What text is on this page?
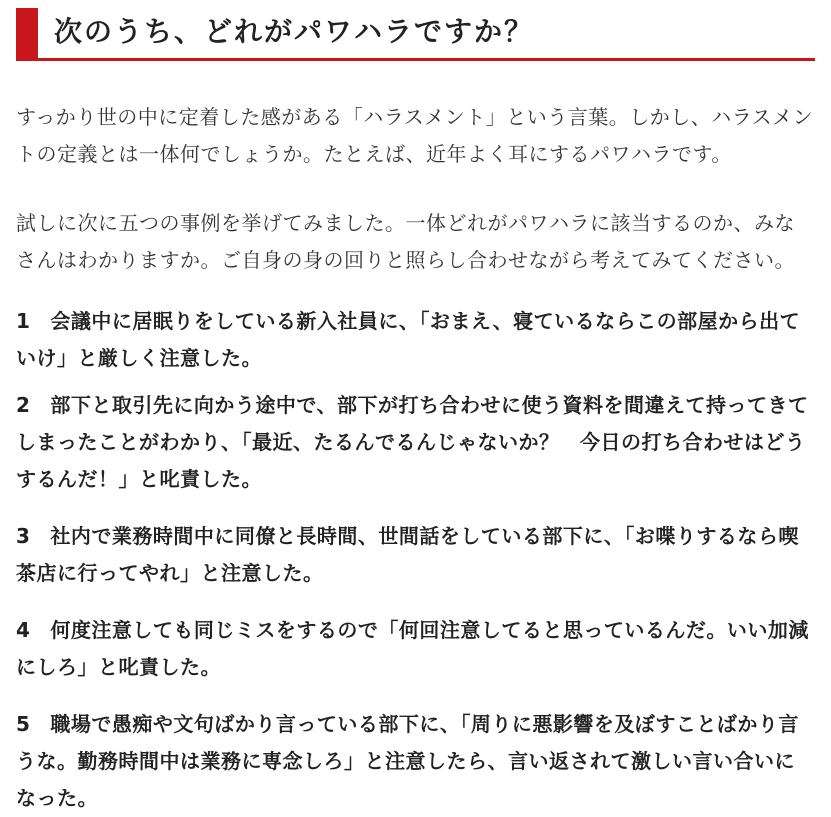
次のうち、どれがパワハラですか？

すっかり世の中に定着した感がある「ハラスメント」という言葉。しかし、ハラスメントの定義とは一体何でしょうか。たとえば、近年よく耳にするパワハラです。

試しに次に五つの事例を挙げてみました。一体どれがパワハラに該当するのか、みなさんはわかりますか。ご自身の身の回りと照らし合わせながら考えてみてください。

1 会議中に居眠りをしている新入社員に、「おまえ、寝ているならこの部屋から出ていけ」と厳しく注意した。

2 部下と取引先に向かう途中で、部下が打ち合わせに使う資料を間違えて持ってきてしまったことがわかり、「最近、たるんでるんじゃないか？　今日の打ち合わせはどうするんだ！」と叱責した。

3 社内で業務時間中に同僚と長時間、世間話をしている部下に、「お喋りするなら喫茶店に行ってやれ」と注意した。

4 何度注意しても同じミスをするので「何回注意してると思っているんだ。いい加減にしろ」と叱責した。

5 職場で愚痴や文句ばかり言っている部下に、「周りに悪影響を及ぼすことばかり言うな。勤務時間中は業務に専念しろ」と注意したら、言い返されて激しい言い合いになった。
